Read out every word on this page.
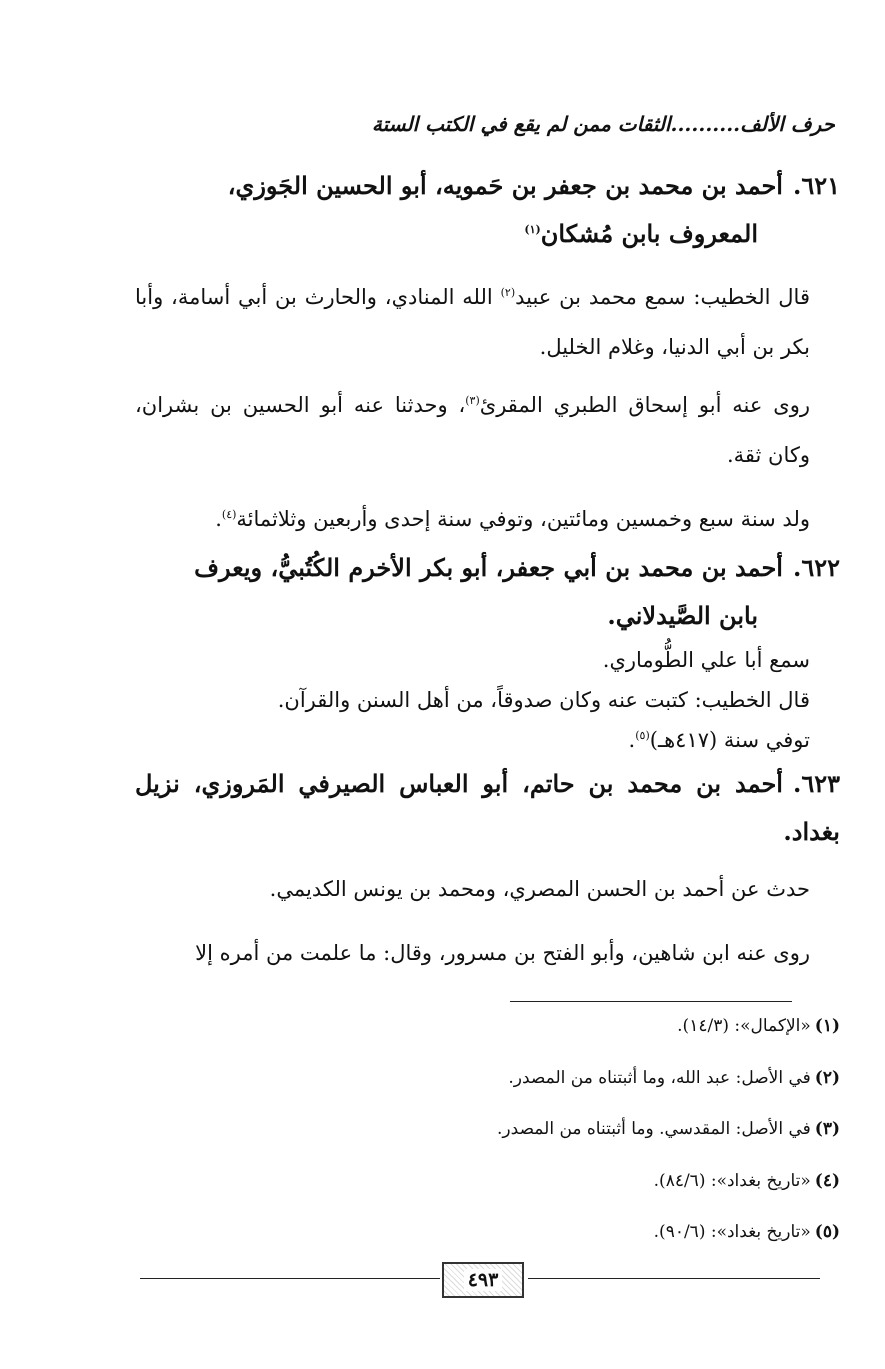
حرف الألف..........الثقات ممن لم يقع في الكتب الستة
٦٢١.أحمد بن محمد بن جعفر بن حَمويه، أبو الحسين الجَوزي،
المعروف بابن مُشكان$^{(١)}$

قال الخطيب: سمع محمد بن عبيد$^{(٢)}$ الله المنادي، والحارث بن أبي أسامة، وأبا بكر بن أبي الدنيا، وغلام الخليل.

روى عنه أبو إسحاق الطبري المقرئ$^{(٣)}$، وحدثنا عنه أبو الحسين بن بشران، وكان ثقة.

ولد سنة سبع وخمسين ومائتين، وتوفي سنة إحدى وأربعين وثلاثمائة$^{(٤)}$.

٦٢٢.أحمد بن محمد بن أبي جعفر، أبو بكر الأخرم الكُتُبيُّ، ويعرف
بابن الصَّيدلاني.

سمع أبا علي الطُّوماري.

قال الخطيب: كتبت عنه وكان صدوقاً، من أهل السنن والقرآن.

توفي سنة (٤١٧هـ)$^{(٥)}$.

٦٢٣.أحمد بن محمد بن حاتم، أبو العباس الصيرفي المَروزي، نزيل بغداد.

حدث عن أحمد بن الحسن المصري، ومحمد بن يونس الكديمي.

روى عنه ابن شاهين، وأبو الفتح بن مسرور، وقال: ما علمت من أمره إلا

(١)«الإكمال»: (١٤/٣).
(٢)في الأصل: عبد الله، وما أثبتناه من المصدر.
(٣)في الأصل: المقدسي. وما أثبتناه من المصدر.
(٤)«تاريخ بغداد»: (٨٤/٦).
(٥)«تاريخ بغداد»: (٩٠/٦).
٤٩٣
